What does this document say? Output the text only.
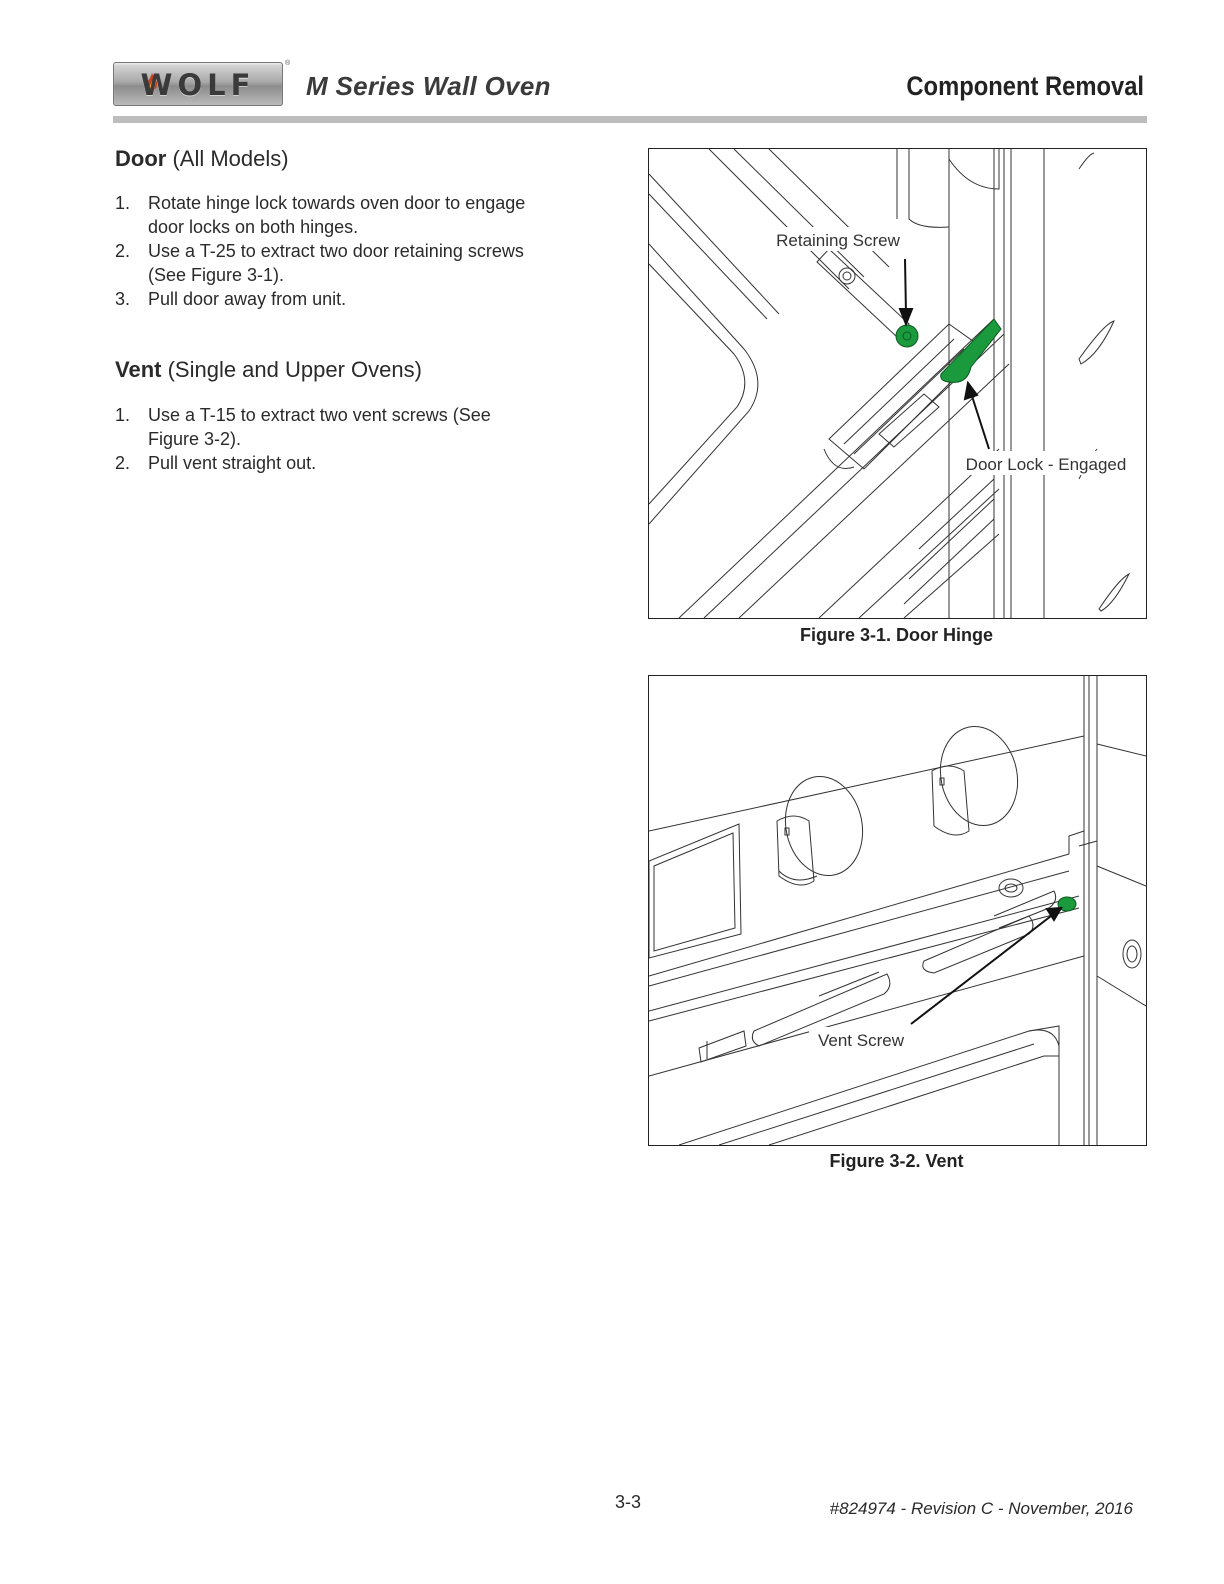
WOLF
®
M Series Wall Oven	Component Removal
Door (All Models)
1. Rotate hinge lock towards oven door to engage
door locks on both hinges.
2. Use a T-25 to extract two door retaining screws
(See Figure 3-1).
3. Pull door away from unit.
Vent (Single and Upper Ovens)
1. Use a T-15 to extract two vent screws (See
Figure 3-2).
2. Pull vent straight out.
Retaining Screw
Door Lock - Engaged
Figure 3-1. Door Hinge
Vent Screw
Figure 3-2. Vent
3-3	#824974 - Revision C - November, 2016
